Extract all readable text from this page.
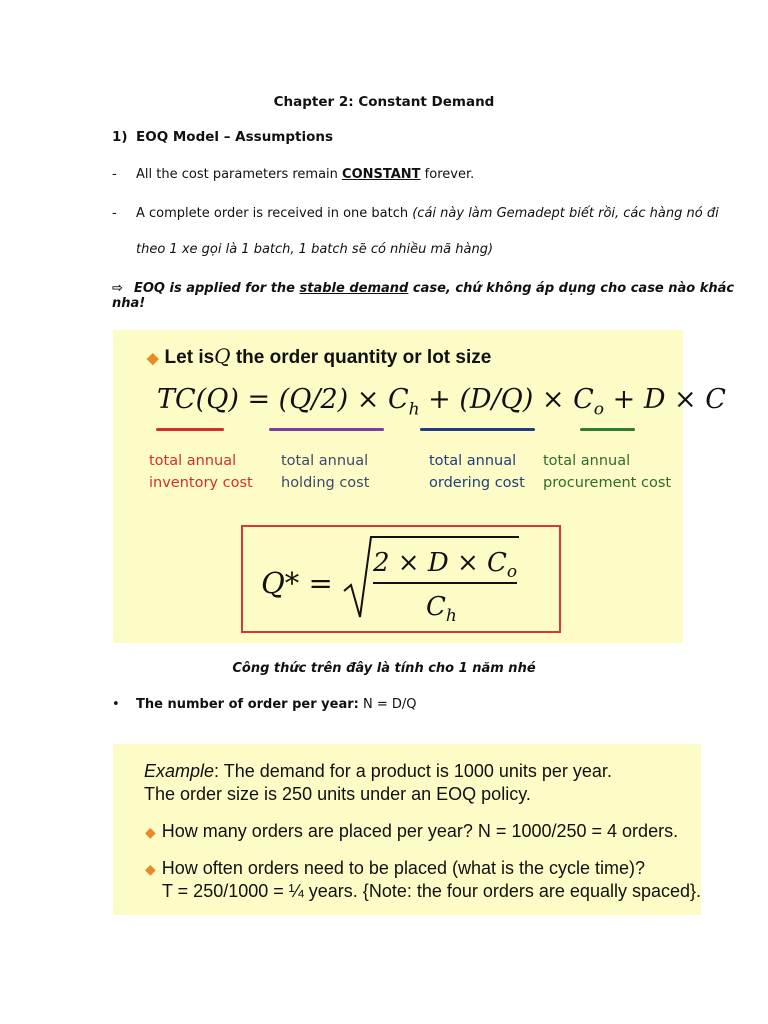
Chapter 2: Constant Demand
1) EOQ Model – Assumptions
- All the cost parameters remain CONSTANT forever.
- A complete order is received in one batch (cái này làm Gemadept biết rồi, các hàng nó đi
theo 1 xe gọi là 1 batch, 1 batch sẽ có nhiều mã hàng)
⇨ EOQ is applied for the stable demand case, chứ không áp dụng cho case nào khác nha!
◆ Let isQ the order quantity or lot size
$TC(Q) = (Q/2) \times C_h + (D/Q) \times C_o + D \times C$
total annual
inventory cost
total annual
holding cost
total annual
ordering cost
total annual
procurement cost
Q* =
$2 \times D \times C_o$
$C_h$
Công thức trên đây là tính cho 1 năm nhé
• The number of order per year: N = D/Q
Example: The demand for a product is 1000 units per year.
The order size is 250 units under an EOQ policy.
◆ How many orders are placed per year? N = 1000/250 = 4 orders.
◆ How often orders need to be placed (what is the cycle time)?
T = 250/1000 = ¼ years. {Note: the four orders are equally spaced}.
